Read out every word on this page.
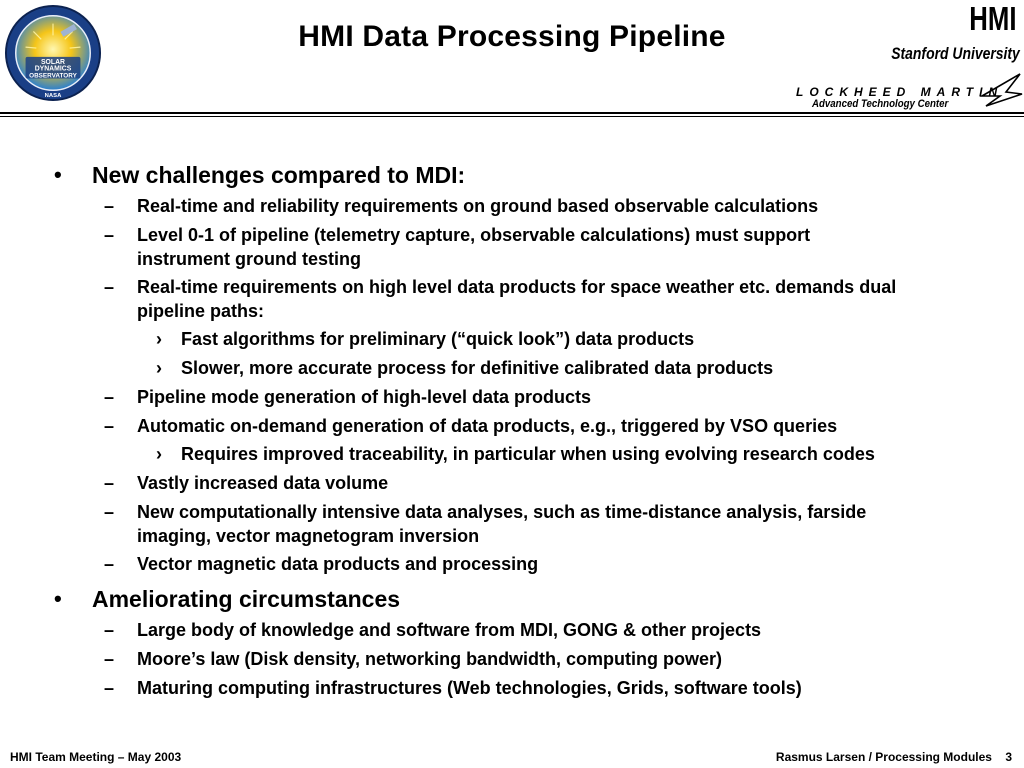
OUR EYE ON THE SUN
SOLAR
DYNAMICS
OBSERVATORY
NASA
HMI Data Processing Pipeline	HMI
Stanford University
LOCKHEED MARTIN
Advanced Technology Center
• New challenges compared to MDI:
– Real-time and reliability requirements on ground based observable calculations
– Level 0-1 of pipeline (telemetry capture, observable calculations) must support
instrument ground testing
– Real-time requirements on high level data products for space weather etc. demands dual
pipeline paths:
› Fast algorithms for preliminary (“quick look”) data products
› Slower, more accurate process for definitive calibrated data products
– Pipeline mode generation of high-level data products
– Automatic on-demand generation of data products, e.g., triggered by VSO queries
› Requires improved traceability, in particular when using evolving research codes
– Vastly increased data volume
– New computationally intensive data analyses, such as time-distance analysis, farside
imaging, vector magnetogram inversion
– Vector magnetic data products and processing
• Ameliorating circumstances
– Large body of knowledge and software from MDI, GONG & other projects
– Moore’s law (Disk density, networking bandwidth, computing power)
– Maturing computing infrastructures (Web technologies, Grids, software tools)
HMI Team Meeting – May 2003	Rasmus Larsen / Processing Modules    3
